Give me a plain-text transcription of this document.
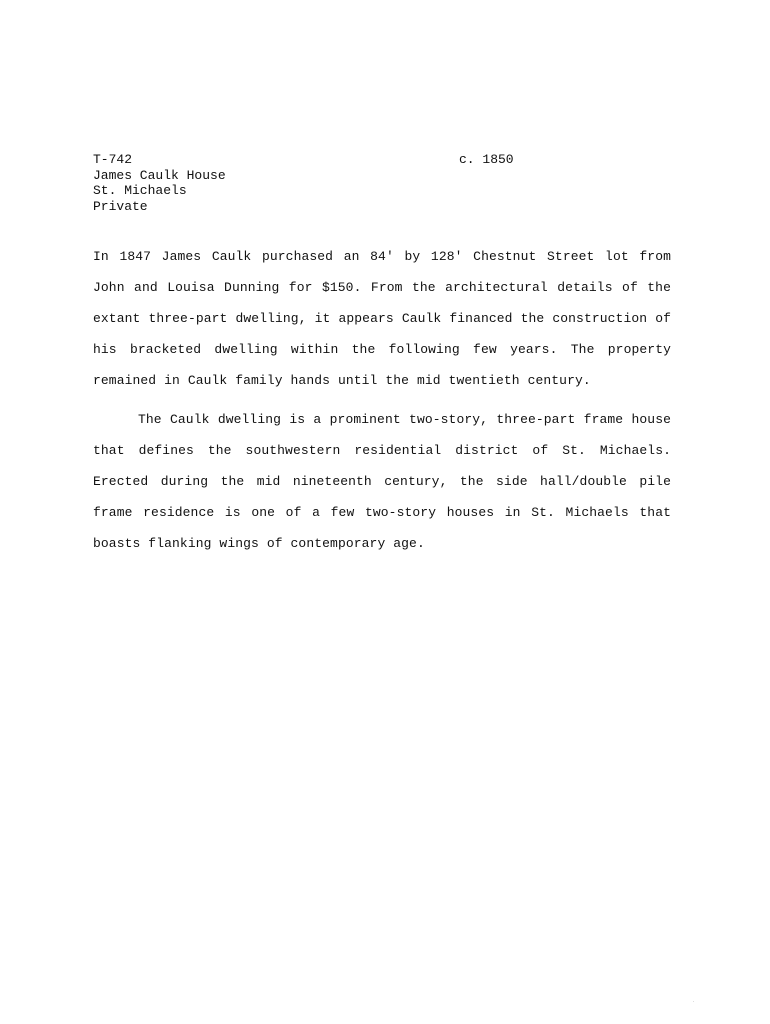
T-742
James Caulk House
St. Michaels
Private
c. 1850

In 1847 James Caulk purchased an 84' by 128' Chestnut Street lot from John and Louisa Dunning for $150. From the architectural details of the extant three-part dwelling, it appears Caulk financed the construction of his bracketed dwelling within the following few years. The property remained in Caulk family hands until the mid twentieth century.

The Caulk dwelling is a prominent two-story, three-part frame house that defines the southwestern residential district of St. Michaels. Erected during the mid nineteenth century, the side hall/double pile frame residence is one of a few two-story houses in St. Michaels that boasts flanking wings of contemporary age.
